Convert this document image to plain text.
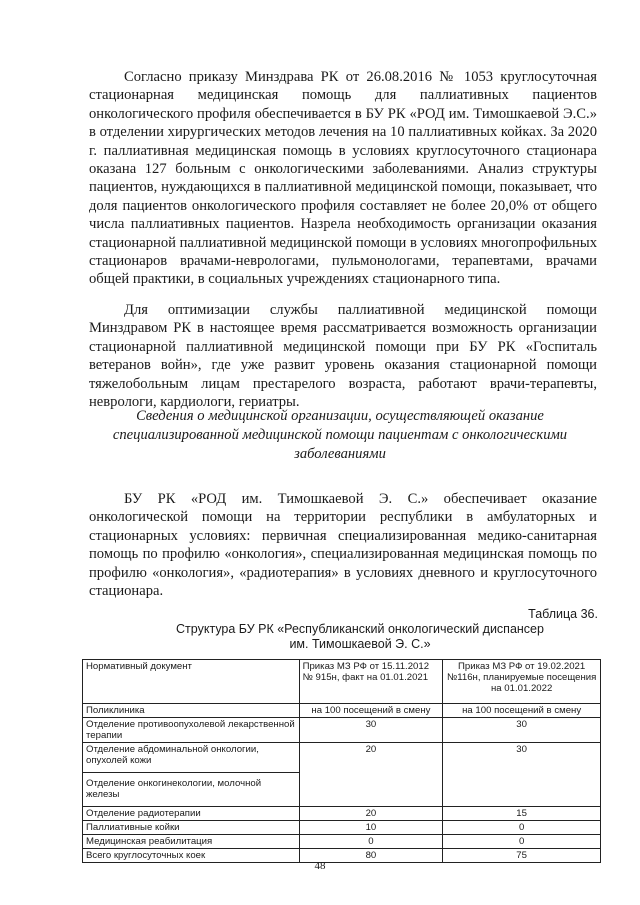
Согласно приказу Минздрава РК от 26.08.2016 № 1053 круглосуточная стационарная медицинская помощь для паллиативных пациентов онкологического профиля обеспечивается в БУ РК «РОД им. Тимошкаевой Э.С.» в отделении хирургических методов лечения на 10 паллиативных койках. За 2020 г. паллиативная медицинская помощь в условиях круглосуточного стационара оказана 127 больным с онкологическими заболеваниями. Анализ структуры пациентов, нуждающихся в паллиативной медицинской помощи, показывает, что доля пациентов онкологического профиля составляет не более 20,0% от общего числа паллиативных пациентов. Назрела необходимость организации оказания стационарной паллиативной медицинской помощи в условиях многопрофильных стационаров врачами-неврологами, пульмонологами, терапевтами, врачами общей практики, в социальных учреждениях стационарного типа.

Для оптимизации службы паллиативной медицинской помощи Минздравом РК в настоящее время рассматривается возможность организации стационарной паллиативной медицинской помощи при БУ РК «Госпиталь ветеранов войн», где уже развит уровень оказания стационарной помощи тяжелобольным лицам престарелого возраста, работают врачи-терапевты, неврологи, кардиологи, гериатры.

Сведения о медицинской организации, осуществляющей оказание специализированной медицинской помощи пациентам с онкологическими заболеваниями

БУ РК «РОД им. Тимошкаевой Э. С.» обеспечивает оказание онкологической помощи на территории республики в амбулаторных и стационарных условиях: первичная специализированная медико-санитарная помощь по профилю «онкология», специализированная медицинская помощь по профилю «онкология», «радиотерапия» в условиях дневного и круглосуточного стационара.

Таблица 36.

Структура БУ РК «Республиканский онкологический диспансер
им. Тимошкаевой Э. С.»

Нормативный документ	Приказ МЗ РФ от 15.11.2012 № 915н, факт на 01.01.2021	Приказ МЗ РФ от 19.02.2021 №116н, планируемые посещения на 01.01.2022
Поликлиника	на 100 посещений в смену	на 100 посещений в смену
Отделение противоопухолевой лекарственной терапии	30	30
Отделение абдоминальной онкологии, опухолей кожи	20	30
Отделение онкогинекологии, молочной железы		
Отделение радиотерапии	20	15
Паллиативные койки	10	0
Медицинская реабилитация	0	0
Всего круглосуточных коек	80	75

48
